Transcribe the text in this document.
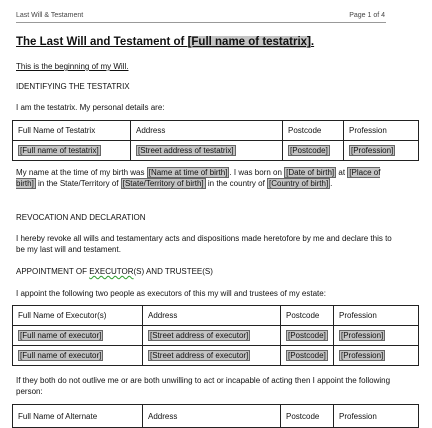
Last Will & Testament	Page 1 of 4
The Last Will and Testament of [Full name of testatrix].
This is the beginning of my Will.
IDENTIFYING THE TESTATRIX
I am the testatrix. My personal details are:
Full Name of Testatrix	Address	Postcode	Profession
[Full name of testatrix]	[Street address of testatrix]	[Postcode]	[Profession]
My name at the time of my birth was [Name at time of birth] . I was born on [Date of birth] at [Place of birth] in the State/Territory of [State/Territory of birth] in the country of [Country of birth] .
REVOCATION AND DECLARATION
I hereby revoke all wills and testamentary acts and dispositions made heretofore by me and declare this to be my last will and testament.
APPOINTMENT OF EXECUTOR(S) AND TRUSTEE(S)
I appoint the following two people as executors of this my will and trustees of my estate:
Full Name of Executor(s)	Address	Postcode	Profession
[Full name of executor]	[Street address of executor]	[Postcode]	[Profession]
[Full name of executor]	[Street address of executor]	[Postcode]	[Profession]
If they both do not outlive me or are both unwilling to act or incapable of acting then I appoint the following person:
Full Name of Alternate	Address	Postcode	Profession
